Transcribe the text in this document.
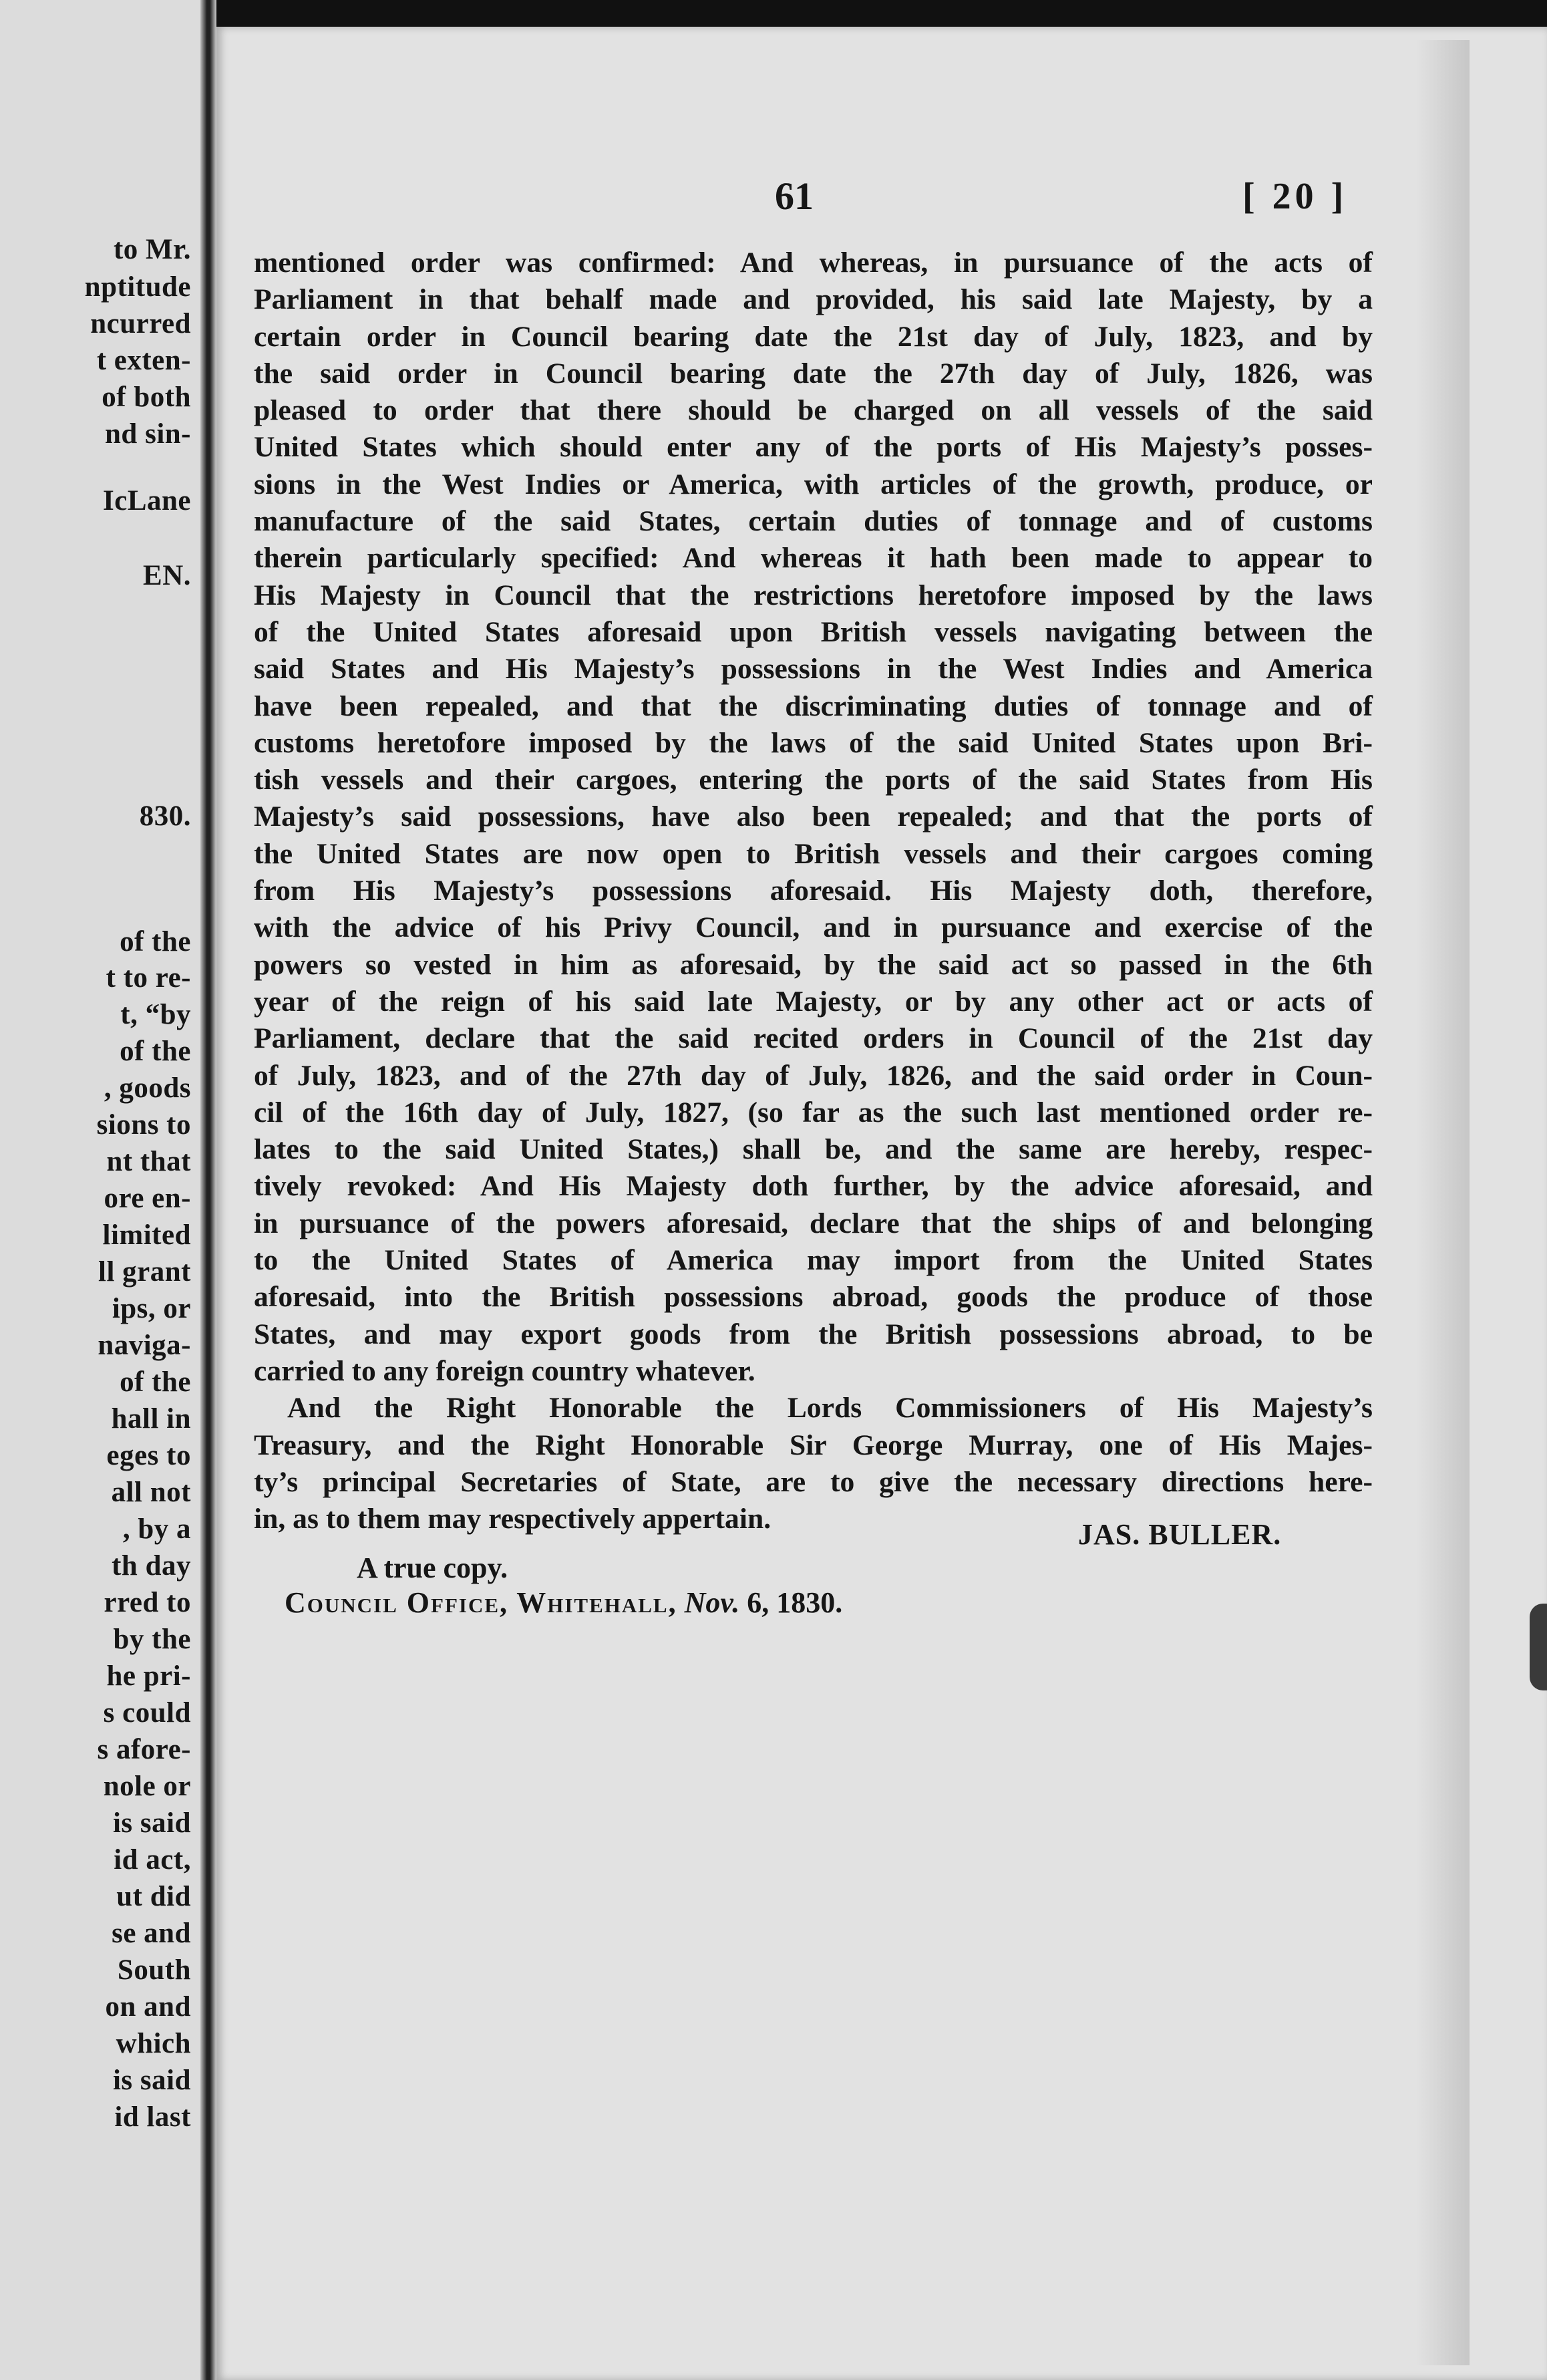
to Mr.
nptitude
ncurred
t exten-
of both
nd sin-
IcLane
EN.
830.
of the
t to re-
t, “by
of the
, goods
sions to
nt that
ore en-
limited
ll grant
ips, or
naviga-
of the
hall in
eges to
all not
, by a
th day
rred to
by the
he pri-
s could
s afore-
nole or
is said
id act,
ut did
se and
South
on and
which
is said
id last
61	[ 20 ]
mentioned order was confirmed: And whereas, in pursuance of the acts of
Parliament in that behalf made and provided, his said late Majesty, by a
certain order in Council bearing date the 21st day of July, 1823, and by
the said order in Council bearing date the 27th day of July, 1826, was
pleased to order that there should be charged on all vessels of the said
United States which should enter any of the ports of His Majesty’s posses-
sions in the West Indies or America, with articles of the growth, produce, or
manufacture of the said States, certain duties of tonnage and of customs
therein particularly specified: And whereas it hath been made to appear to
His Majesty in Council that the restrictions heretofore imposed by the laws
of the United States aforesaid upon British vessels navigating between the
said States and His Majesty’s possessions in the West Indies and America
have been repealed, and that the discriminating duties of tonnage and of
customs heretofore imposed by the laws of the said United States upon Bri-
tish vessels and their cargoes, entering the ports of the said States from His
Majesty’s said possessions, have also been repealed; and that the ports of
the United States are now open to British vessels and their cargoes coming
from His Majesty’s possessions aforesaid. His Majesty doth, therefore,
with the advice of his Privy Council, and in pursuance and exercise of the
powers so vested in him as aforesaid, by the said act so passed in the 6th
year of the reign of his said late Majesty, or by any other act or acts of
Parliament, declare that the said recited orders in Council of the 21st day
of July, 1823, and of the 27th day of July, 1826, and the said order in Coun-
cil of the 16th day of July, 1827, (so far as the such last mentioned order re-
lates to the said United States,) shall be, and the same are hereby, respec-
tively revoked: And His Majesty doth further, by the advice aforesaid, and
in pursuance of the powers aforesaid, declare that the ships of and belonging
to the United States of America may import from the United States
aforesaid, into the British possessions abroad, goods the produce of those
States, and may export goods from the British possessions abroad, to be
carried to any foreign country whatever.
And the Right Honorable the Lords Commissioners of His Majesty’s
Treasury, and the Right Honorable Sir George Murray, one of His Majes-
ty’s principal Secretaries of State, are to give the necessary directions here-
in, as to them may respectively appertain.	JAS. BULLER.
A true copy.
Council Office, Whitehall, Nov. 6, 1830.
